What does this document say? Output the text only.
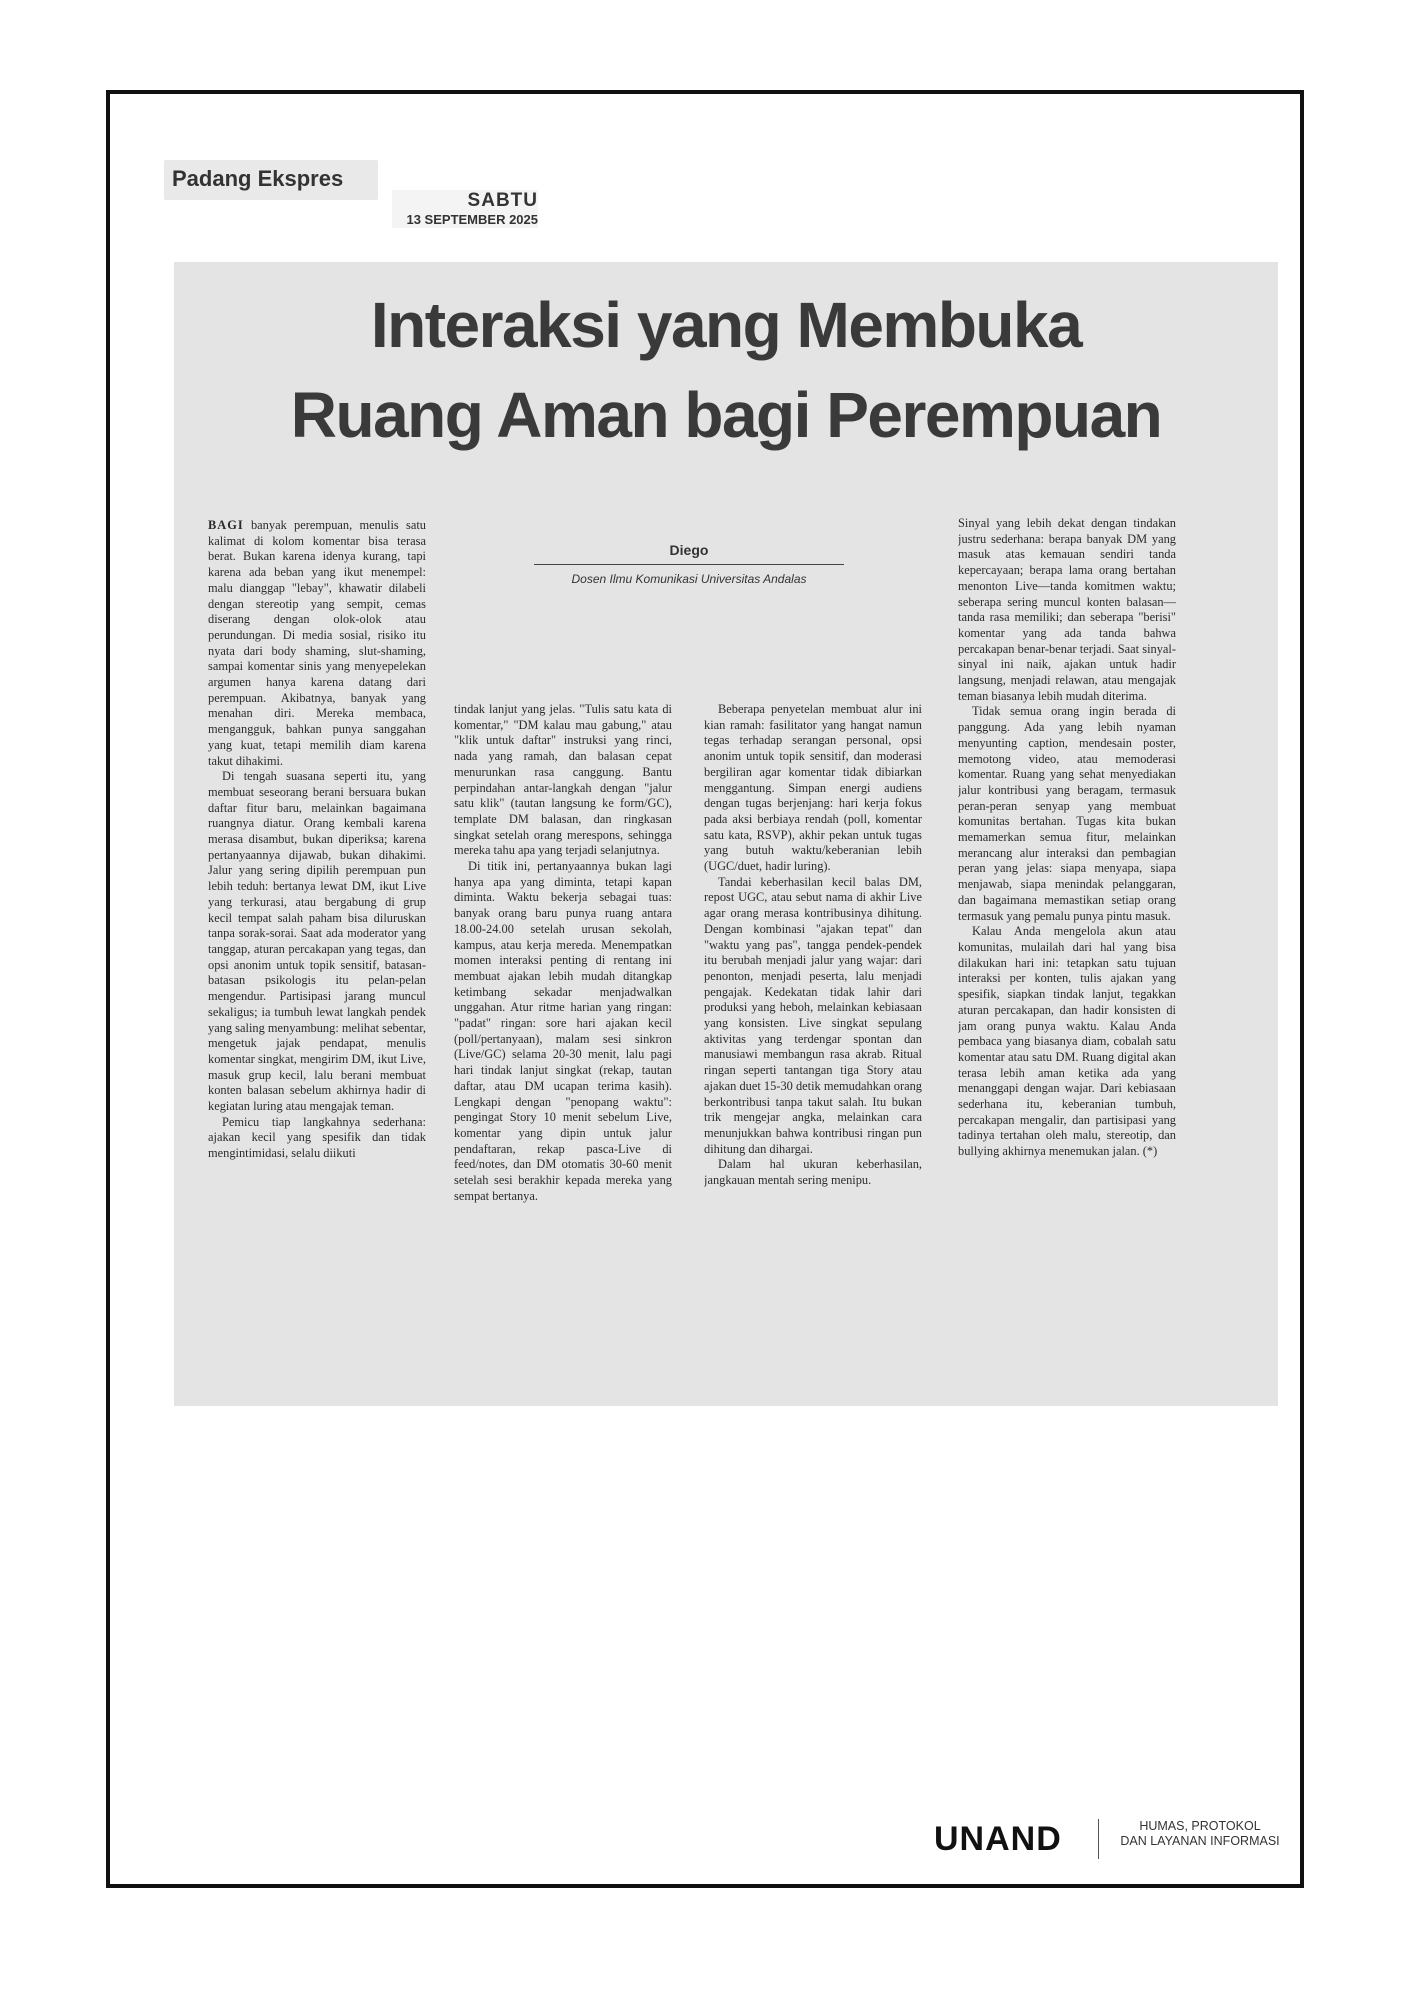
Padang Ekspres
SABTU
13 SEPTEMBER 2025
Interaksi yang Membuka
Ruang Aman bagi Perempuan
Diego
Dosen Ilmu Komunikasi Universitas Andalas

BAGI banyak perempuan, menulis satu kalimat di kolom komentar bisa terasa berat. Bukan karena idenya kurang, tapi karena ada beban yang ikut menempel: malu dianggap "lebay", khawatir dilabeli dengan stereotip yang sempit, cemas diserang dengan olok-olok atau perundungan. Di media sosial, risiko itu nyata dari body shaming, slut-shaming, sampai komentar sinis yang menyepelekan argumen hanya karena datang dari perempuan. Akibatnya, banyak yang menahan diri. Mereka membaca, mengangguk, bahkan punya sanggahan yang kuat, tetapi memilih diam karena takut dihakimi.

Di tengah suasana seperti itu, yang membuat seseorang berani bersuara bukan daftar fitur baru, melainkan bagaimana ruangnya diatur. Orang kembali karena merasa disambut, bukan diperiksa; karena pertanyaannya dijawab, bukan dihakimi. Jalur yang sering dipilih perempuan pun lebih teduh: bertanya lewat DM, ikut Live yang terkurasi, atau bergabung di grup kecil tempat salah paham bisa diluruskan tanpa sorak-sorai. Saat ada moderator yang tanggap, aturan percakapan yang tegas, dan opsi anonim untuk topik sensitif, batasan-batasan psikologis itu pelan-pelan mengendur. Partisipasi jarang muncul sekaligus; ia tumbuh lewat langkah pendek yang saling menyambung: melihat sebentar, mengetuk jajak pendapat, menulis komentar singkat, mengirim DM, ikut Live, masuk grup kecil, lalu berani membuat konten balasan sebelum akhirnya hadir di kegiatan luring atau mengajak teman.

Pemicu tiap langkahnya sederhana: ajakan kecil yang spesifik dan tidak mengintimidasi, selalu diikuti

tindak lanjut yang jelas. "Tulis satu kata di komentar," "DM kalau mau gabung," atau "klik untuk daftar" instruksi yang rinci, nada yang ramah, dan balasan cepat menurunkan rasa canggung. Bantu perpindahan antar-langkah dengan "jalur satu klik" (tautan langsung ke form/GC), template DM balasan, dan ringkasan singkat setelah orang merespons, sehingga mereka tahu apa yang terjadi selanjutnya.

Di titik ini, pertanyaannya bukan lagi hanya apa yang diminta, tetapi kapan diminta. Waktu bekerja sebagai tuas: banyak orang baru punya ruang antara 18.00-24.00 setelah urusan sekolah, kampus, atau kerja mereda. Menempatkan momen interaksi penting di rentang ini membuat ajakan lebih mudah ditangkap ketimbang sekadar menjadwalkan unggahan. Atur ritme harian yang ringan: "padat" ringan: sore hari ajakan kecil (poll/pertanyaan), malam sesi sinkron (Live/GC) selama 20-30 menit, lalu pagi hari tindak lanjut singkat (rekap, tautan daftar, atau DM ucapan terima kasih). Lengkapi dengan "penopang waktu": pengingat Story 10 menit sebelum Live, komentar yang dipin untuk jalur pendaftaran, rekap pasca-Live di feed/notes, dan DM otomatis 30-60 menit setelah sesi berakhir kepada mereka yang sempat bertanya.

Beberapa penyetelan membuat alur ini kian ramah: fasilitator yang hangat namun tegas terhadap serangan personal, opsi anonim untuk topik sensitif, dan moderasi bergiliran agar komentar tidak dibiarkan menggantung. Simpan energi audiens dengan tugas berjenjang: hari kerja fokus pada aksi berbiaya rendah (poll, komentar satu kata, RSVP), akhir pekan untuk tugas yang butuh waktu/keberanian lebih (UGC/duet, hadir luring).

Tandai keberhasilan kecil balas DM, repost UGC, atau sebut nama di akhir Live agar orang merasa kontribusinya dihitung. Dengan kombinasi "ajakan tepat" dan "waktu yang pas", tangga pendek-pendek itu berubah menjadi jalur yang wajar: dari penonton, menjadi peserta, lalu menjadi pengajak. Kedekatan tidak lahir dari produksi yang heboh, melainkan kebiasaan yang konsisten. Live singkat sepulang aktivitas yang terdengar spontan dan manusiawi membangun rasa akrab. Ritual ringan seperti tantangan tiga Story atau ajakan duet 15-30 detik memudahkan orang berkontribusi tanpa takut salah. Itu bukan trik mengejar angka, melainkan cara menunjukkan bahwa kontribusi ringan pun dihitung dan dihargai.

Dalam hal ukuran keberhasilan, jangkauan mentah sering menipu.

Sinyal yang lebih dekat dengan tindakan justru sederhana: berapa banyak DM yang masuk atas kemauan sendiri tanda kepercayaan; berapa lama orang bertahan menonton Live—tanda komitmen waktu; seberapa sering muncul konten balasan—tanda rasa memiliki; dan seberapa "berisi" komentar yang ada tanda bahwa percakapan benar-benar terjadi. Saat sinyal-sinyal ini naik, ajakan untuk hadir langsung, menjadi relawan, atau mengajak teman biasanya lebih mudah diterima.

Tidak semua orang ingin berada di panggung. Ada yang lebih nyaman menyunting caption, mendesain poster, memotong video, atau memoderasi komentar. Ruang yang sehat menyediakan jalur kontribusi yang beragam, termasuk peran-peran senyap yang membuat komunitas bertahan. Tugas kita bukan memamerkan semua fitur, melainkan merancang alur interaksi dan pembagian peran yang jelas: siapa menyapa, siapa menjawab, siapa menindak pelanggaran, dan bagaimana memastikan setiap orang termasuk yang pemalu punya pintu masuk.

Kalau Anda mengelola akun atau komunitas, mulailah dari hal yang bisa dilakukan hari ini: tetapkan satu tujuan interaksi per konten, tulis ajakan yang spesifik, siapkan tindak lanjut, tegakkan aturan percakapan, dan hadir konsisten di jam orang punya waktu. Kalau Anda pembaca yang biasanya diam, cobalah satu komentar atau satu DM. Ruang digital akan terasa lebih aman ketika ada yang menanggapi dengan wajar. Dari kebiasaan sederhana itu, keberanian tumbuh, percakapan mengalir, dan partisipasi yang tadinya tertahan oleh malu, stereotip, dan bullying akhirnya menemukan jalan. (*)

UNAND	HUMAS, PROTOKOL
DAN LAYANAN INFORMASI
